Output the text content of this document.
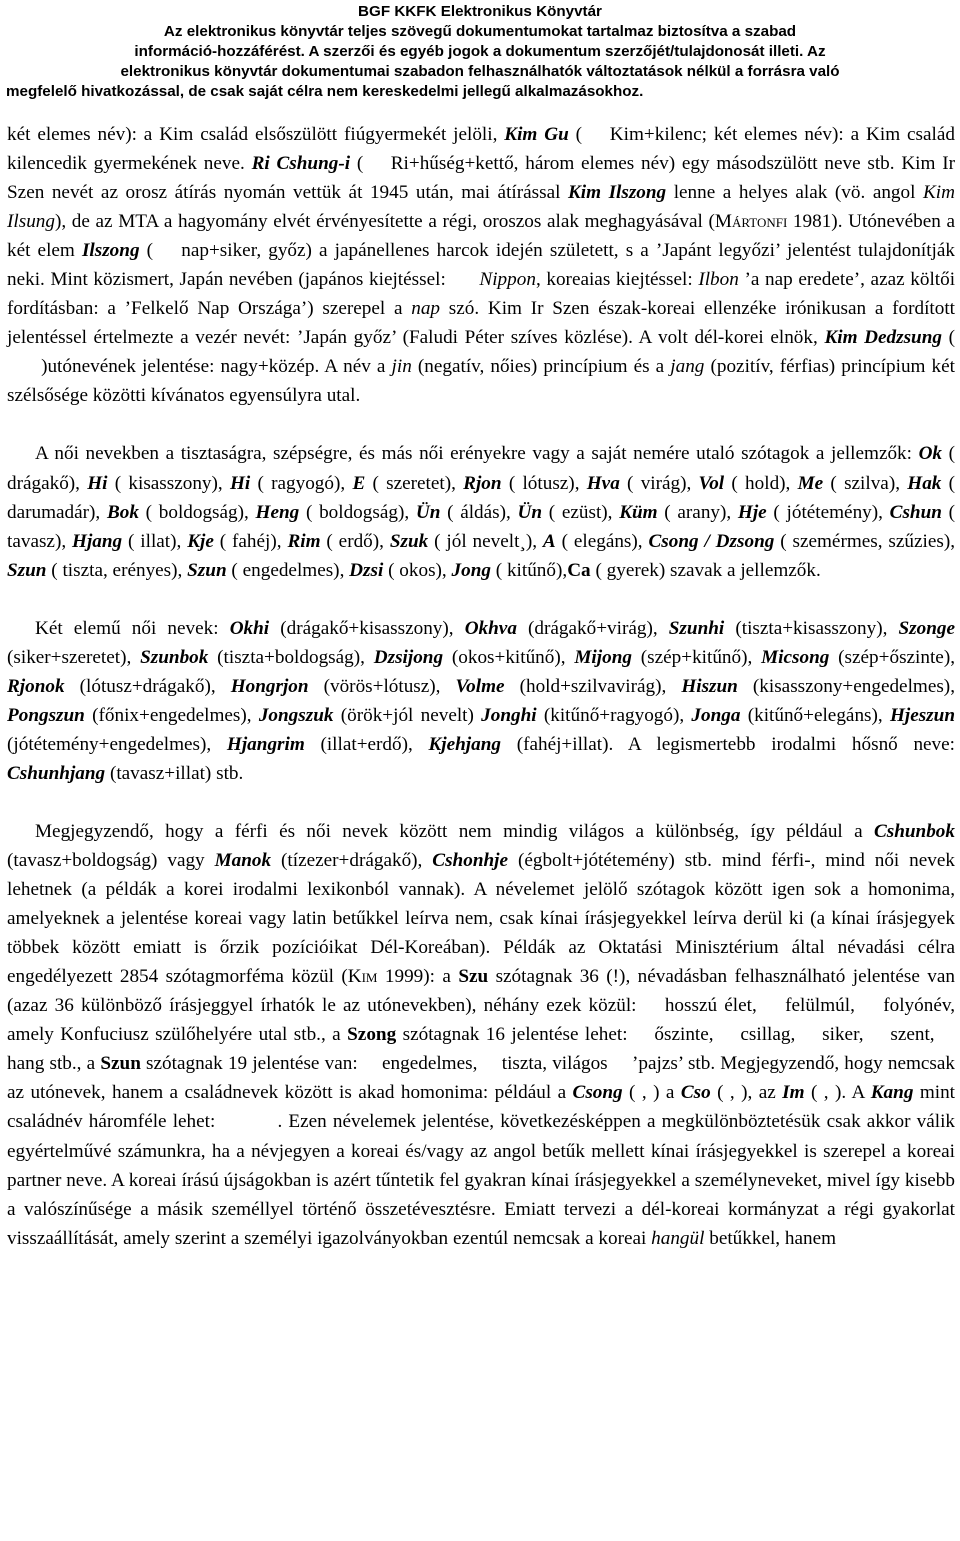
BGF KKFK Elektronikus Könyvtár
Az elektronikus könyvtár teljes szövegű dokumentumokat tartalmaz biztosítva a szabad
információ-hozzáférést. A szerzői és egyéb jogok a dokumentum szerzőjét/tulajdonosát illeti. Az
elektronikus könyvtár dokumentumai szabadon felhasználhatók változtatások nélkül a forrásra való
megfelelő hivatkozással, de csak saját célra nem kereskedelmi jellegű alkalmazásokhoz.

két elemes név): a Kim család elsőszülött fiúgyermekét jelöli, Kim Gu (  Kim+kilenc; két elemes név): a Kim család kilencedik gyermekének neve. Ri Cshung-i (  Ri+hűség+kettő, három elemes név) egy másodszülött neve stb. Kim Ir Szen nevét az orosz átírás nyomán vettük át 1945 után, mai átírással Kim Ilszong lenne a helyes alak (vö. angol Kim Ilsung), de az MTA a hagyomány elvét érvényesítette a régi, oroszos alak meghagyásával (Mártonfi 1981). Utónevében a két elem Ilszong (  nap+siker, győz) a japánellenes harcok idején született, s a ’Japánt legyőzi’ jelentést tulajdonítják neki. Mint közismert, Japán nevében (japános kiejtéssel: Nippon, koreaias kiejtéssel: Ilbon ’a nap eredete’, azaz költői fordításban: a ’Felkelő Nap Országa’) szerepel a nap szó. Kim Ir Szen észak-koreai ellenzéke irónikusan a fordított jelentéssel értelmezte a vezér nevét: ’Japán győz’ (Faludi Péter szíves közlése). A volt dél-korei elnök, Kim Dedzsung (  )utónevének jelentése: nagy+közép. A név a jin (negatív, nőies) princípium és a jang (pozitív, férfias) princípium két szélsősége közötti kívánatos egyensúlyra utal.

A női nevekben a tisztaságra, szépségre, és más női erényekre vagy a saját nemére utaló szótagok a jellemzők: Ok ( drágakő), Hi ( kisasszony), Hi ( ragyogó), E ( szeretet), Rjon ( lótusz), Hva ( virág), Vol ( hold), Me ( szilva), Hak ( darumadár), Bok ( boldogság), Heng ( boldogság), Ün ( áldás), Ün ( ezüst), Küm ( arany), Hje ( jótétemény), Cshun ( tavasz), Hjang ( illat), Kje ( fahéj), Rim ( erdő), Szuk ( jól nevelt¸), A ( elegáns), Csong / Dzsong ( szemérmes, szűzies), Szun ( tiszta, erényes), Szun ( engedelmes), Dzsi ( okos), Jong ( kitűnő),Ca ( gyerek) szavak a jellemzők.

Két elemű női nevek: Okhi (drágakő+kisasszony), Okhva (drágakő+virág), Szunhi (tiszta+kisasszony), Szonge (siker+szeretet), Szunbok (tiszta+boldogság), Dzsijong (okos+kitűnő), Mijong (szép+kitűnő), Micsong (szép+őszinte), Rjonok (lótusz+drágakő), Hongrjon (vörös+lótusz), Volme (hold+szilvavirág), Hiszun (kisasszony+engedelmes), Pongszun (főnix+engedelmes), Jongszuk (örök+jól nevelt) Jonghi (kitűnő+ragyogó), Jonga (kitűnő+elegáns), Hjeszun (jótétemény+engedelmes), Hjangrim (illat+erdő), Kjehjang (fahéj+illat). A legismertebb irodalmi hősnő neve: Cshunhjang (tavasz+illat) stb.

Megjegyzendő, hogy a férfi és női nevek között nem mindig világos a különbség, így például a Cshunbok (tavasz+boldogság) vagy Manok (tízezer+drágakő), Cshonhje (égbolt+jótétemény) stb. mind férfi-, mind női nevek lehetnek (a példák a korei irodalmi lexikonból vannak). A névelemet jelölő szótagok között igen sok a homonima, amelyeknek a jelentése koreai vagy latin betűkkel leírva nem, csak kínai írásjegyekkel leírva derül ki (a kínai írásjegyek többek között emiatt is őrzik pozícióikat Dél-Koreában). Példák az Oktatási Minisztérium által névadási célra engedélyezett 2854 szótagmorféma közül (Kim 1999): a Szu szótagnak 36 (!), névadásban felhasználható jelentése van (azaz 36 különböző írásjeggyel írhatók le az utónevekben), néhány ezek közül:  hosszú élet,  felülmúl,  folyónév, amely Konfuciusz szülőhelyére utal stb., a Szong szótagnak 16 jelentése lehet:  őszinte,  csillag,  siker,  szent,  hang stb., a Szun szótagnak 19 jelentése van:  engedelmes,  tiszta, világos  ’pajzs’ stb. Megjegyzendő, hogy nemcsak az utónevek, hanem a családnevek között is akad homonima: például a Csong ( , ) a Cso ( , ), az Im ( , ). A Kang mint családnév háromféle lehet:	. Ezen névelemek jelentése, következésképpen a megkülönböztetésük csak akkor válik egyértelművé számunkra, ha a névjegyen a koreai és/vagy az angol betűk mellett kínai írásjegyekkel is szerepel a koreai partner neve. A koreai írású újságokban is azért tűntetik fel gyakran kínai írásjegyekkel a személyneveket, mivel így kisebb a valószínűsége a másik személlyel történő összetévesztésre. Emiatt tervezi a dél-koreai kormányzat a régi gyakorlat visszaállítását, amely szerint a személyi igazolványokban ezentúl nemcsak a koreai hangül betűkkel, hanem
